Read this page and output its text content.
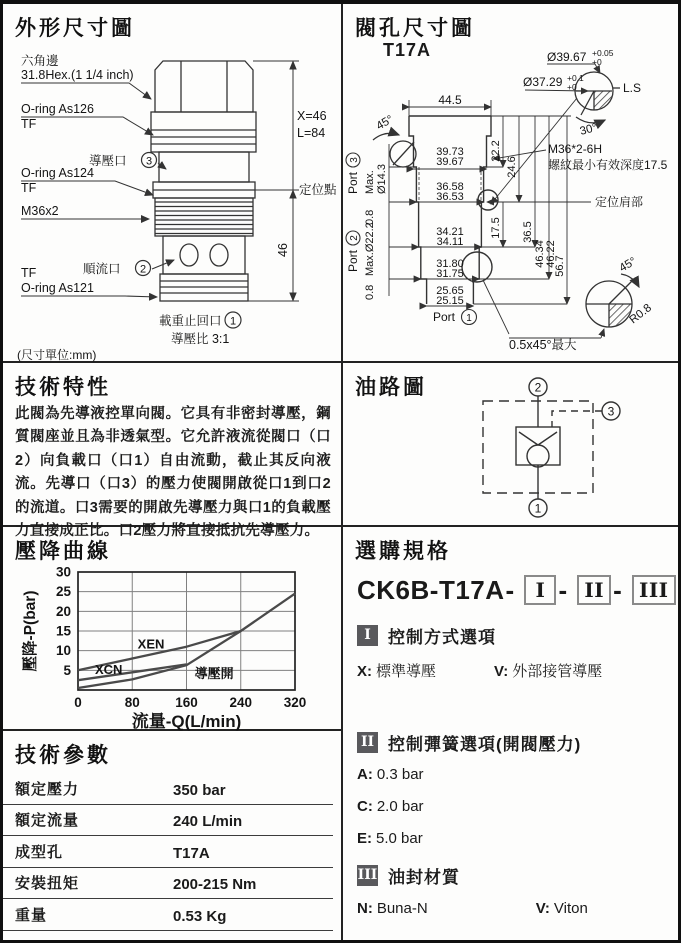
外形尺寸圖
X=46
L=84
定位點
46
六角邊
31.8Hex.(1 1/4 inch)
O-ring As126
TF
導壓口
O-ring As124
TF
M36x2
順流口
TF
O-ring As121
載重止回口
導壓比 3:1
(尺寸單位:mm)
3
2
1
閥孔尺寸圖
T17A
44.5
Ø39.67 +0.05
+0
Ø37.29 +0.1
+0	L.S
30°
45°
45°
R0.8
M36*2-6H
螺紋最小有效深度17.5
定位肩部
39.73
39.67
36.58
36.53
34.21
34.11
31.80
31.75
25.65
25.15
22.2
24.6
17.5 36.5
46.34 46.22
56.7
Max. Ø14.3
0.8
Max.Ø22.2
0.8
0.5x45°最大
Port
3
Port
2
Port 1
技術特性
此閥為先導液控單向閥。它具有非密封導壓，鋼質閥座並且為非透氣型。它允許液流從閥口（口2）向負載口（口1）自由流動，截止其反向液流。先導口（口3）的壓力使閥開啟從口1到口2的流道。口3需要的開啟先導壓力與口1的負載壓力直接成正比。口2壓力將直接抵抗先導壓力。
油路圖	2
1
3
壓降曲線
5
10
15
20
25
30
0	80	160 240 320
XEN
XCN	導壓開
流量-Q(L/min)
壓降-P(bar)
選購規格
CK6B-T17A- I - II - III
I	控制方式選項
X: 標準導壓	V: 外部接管導壓
II 控制彈簧選項(開閥壓力)
A: 0.3 bar
C: 2.0 bar
E: 5.0 bar
III 油封材質
N: Buna-N	V: Viton
技術參數
額定壓力	350 bar
額定流量	240 L/min
成型孔	T17A
安裝扭矩	200-215 Nm
重量	0.53 Kg
